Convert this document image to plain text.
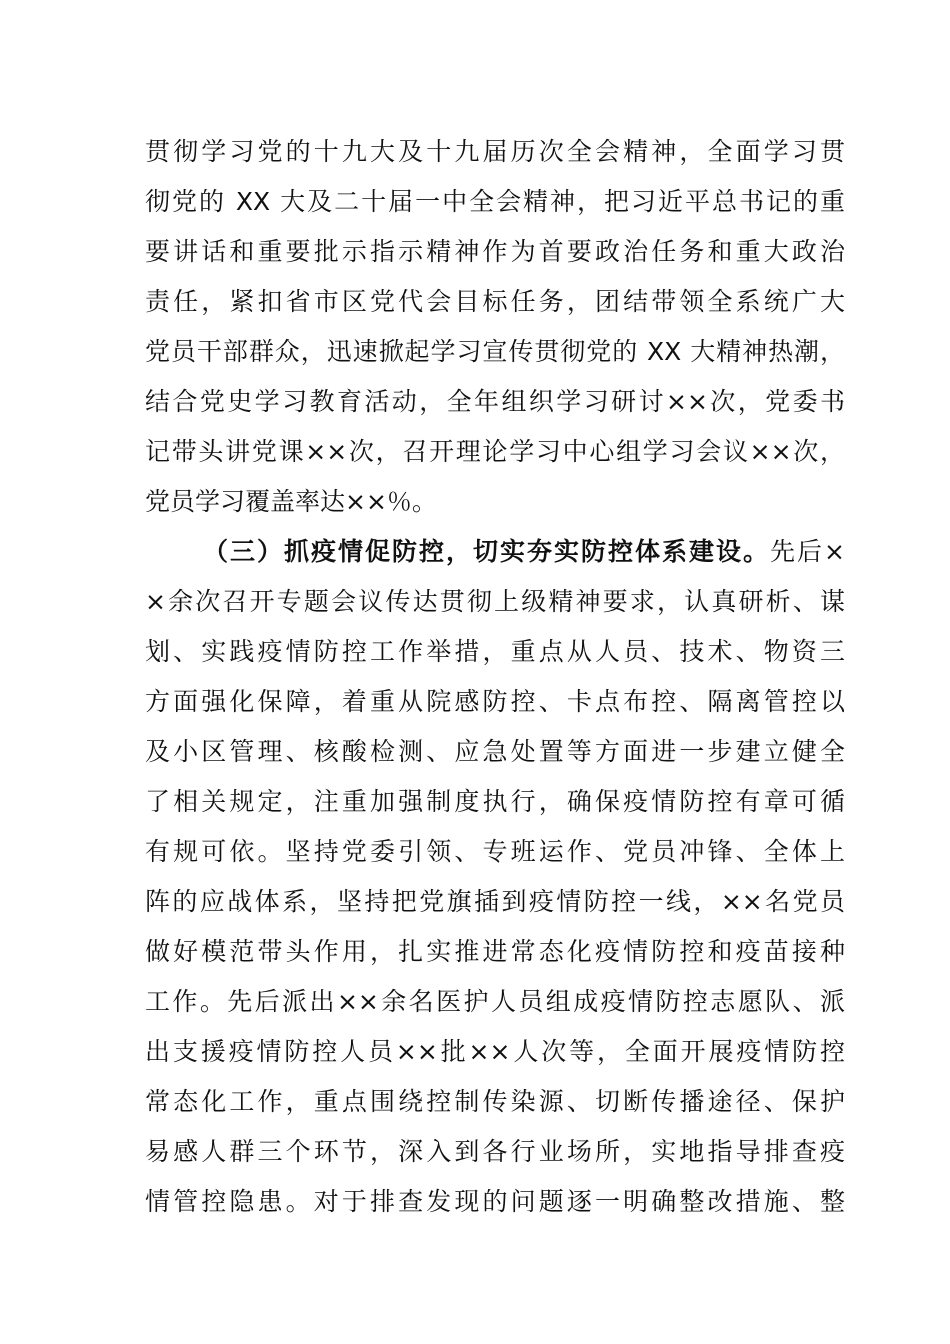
贯彻学习党的十九大及十九届历次全会精神，全面学习贯
彻党的 XX 大及二十届一中全会精神，把习近平总书记的重
要讲话和重要批示指示精神作为首要政治任务和重大政治
责任，紧扣省市区党代会目标任务，团结带领全系统广大
党员干部群众，迅速掀起学习宣传贯彻党的 XX 大精神热潮，
结合党史学习教育活动，全年组织学习研讨××次，党委书
记带头讲党课××次，召开理论学习中心组学习会议××次，
党员学习覆盖率达××％。
（三）抓疫情促防控，切实夯实防控体系建设。先后×
×余次召开专题会议传达贯彻上级精神要求，认真研析、谋
划、实践疫情防控工作举措，重点从人员、技术、物资三
方面强化保障，着重从院感防控、卡点布控、隔离管控以
及小区管理、核酸检测、应急处置等方面进一步建立健全
了相关规定，注重加强制度执行，确保疫情防控有章可循
有规可依。坚持党委引领、专班运作、党员冲锋、全体上
阵的应战体系，坚持把党旗插到疫情防控一线，××名党员
做好模范带头作用，扎实推进常态化疫情防控和疫苗接种
工作。先后派出××余名医护人员组成疫情防控志愿队、派
出支援疫情防控人员××批××人次等，全面开展疫情防控
常态化工作，重点围绕控制传染源、切断传播途径、保护
易感人群三个环节，深入到各行业场所，实地指导排查疫
情管控隐患。对于排查发现的问题逐一明确整改措施、整
